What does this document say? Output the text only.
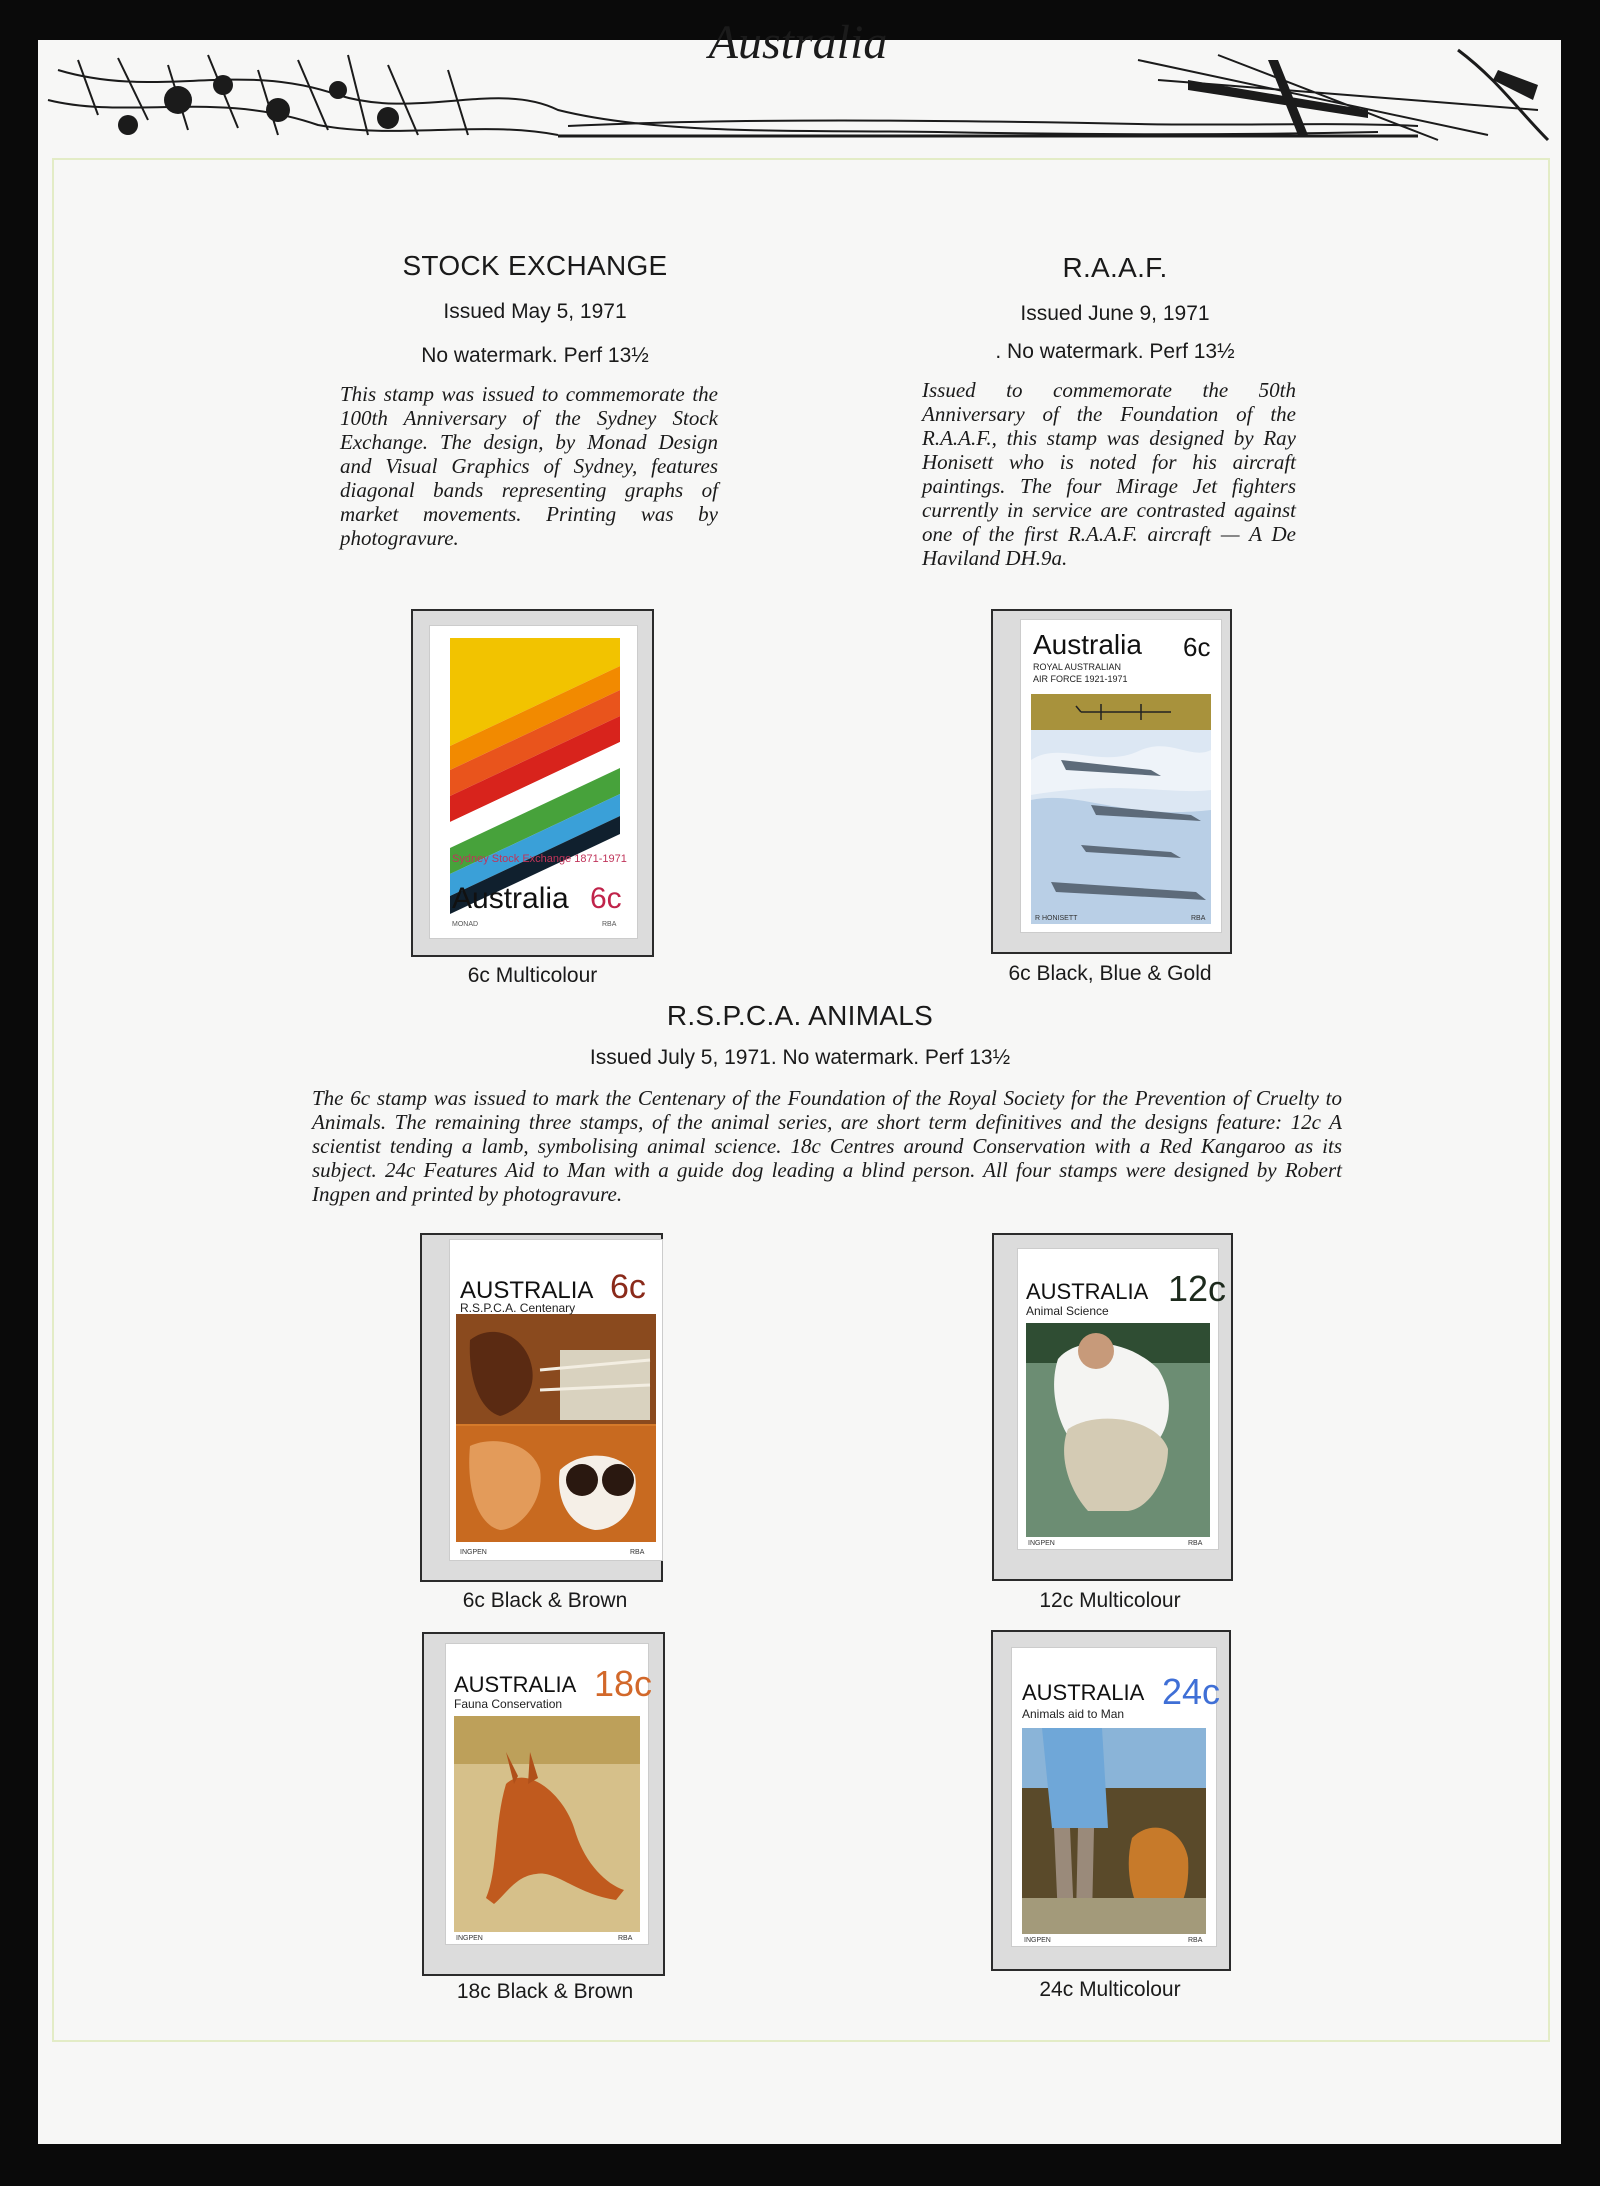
Australia
STOCK EXCHANGE
Issued May 5, 1971
No watermark. Perf 13½
This stamp was issued to commemorate the 100th Anniversary of the Sydney Stock Exchange. The design, by Monad Design and Visual Graphics of Sydney, features diagonal bands representing graphs of market movements. Printing was by photogravure.
Sydney Stock Exchange 1871-1971
Australia 6c
MONAD	RBA
6c Multicolour
R.A.A.F.
Issued June 9, 1971
. No watermark. Perf 13½
Issued to commemorate the 50th Anniversary of the Foundation of the R.A.A.F., this stamp was designed by Ray Honisett who is noted for his aircraft paintings. The four Mirage Jet fighters currently in service are contrasted against one of the first R.A.A.F. aircraft — A De Haviland DH.9a.
Australia 6c
ROYAL AUSTRALIAN
AIR FORCE 1921-1971
R HONISETT	RBA
6c Black, Blue & Gold
R.S.P.C.A. ANIMALS
Issued July 5, 1971. No watermark. Perf 13½
The 6c stamp was issued to mark the Centenary of the Foundation of the Royal Society for the Prevention of Cruelty to Animals. The remaining three stamps, of the animal series, are short term definitives and the designs feature: 12c A scientist tending a lamb, symbolising animal science. 18c Centres around Conservation with a Red Kangaroo as its subject. 24c Features Aid to Man with a guide dog leading a blind person. All four stamps were designed by Robert Ingpen and printed by photogravure.
AUSTRALIA 6c
R.S.P.C.A. Centenary
INGPEN	RBA
6c Black & Brown
AUSTRALIA 12c
Animal Science
INGPEN	RBA
12c Multicolour
AUSTRALIA 18c
Fauna Conservation
INGPEN	RBA
18c Black & Brown
AUSTRALIA 24c
Animals aid to Man
INGPEN	RBA
24c Multicolour
